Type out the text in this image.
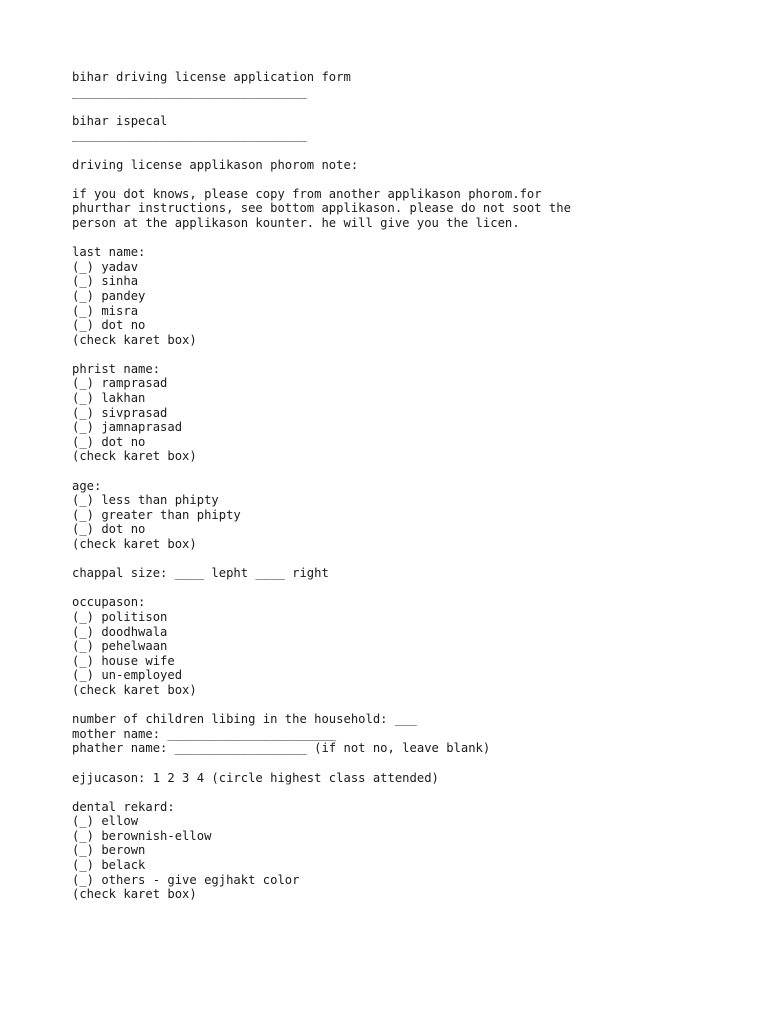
bihar driving license application form
________________________________
bihar ispecal
________________________________
driving license applikason phorom note:
if you dot knows, please copy from another applikason phorom.for
phurthar instructions, see bottom applikason. please do not soot the
person at the applikason kounter. he will give you the licen.
last name:
(_) yadav
(_) sinha
(_) pandey
(_) misra
(_) dot no
(check karet box)
phrist name:
(_) ramprasad
(_) lakhan
(_) sivprasad
(_) jamnaprasad
(_) dot no
(check karet box)
age:
(_) less than phipty
(_) greater than phipty
(_) dot no
(check karet box)
chappal size: ____ lepht ____ right
occupason:
(_) politison
(_) doodhwala
(_) pehelwaan
(_) house wife
(_) un-employed
(check karet box)
number of children libing in the household: ___
mother name: _______________________
phather name: __________________ (if not no, leave blank)
ejjucason: 1 2 3 4 (circle highest class attended)
dental rekard:
(_) ellow
(_) berownish-ellow
(_) berown
(_) belack
(_) others - give egjhakt color
(check karet box)
